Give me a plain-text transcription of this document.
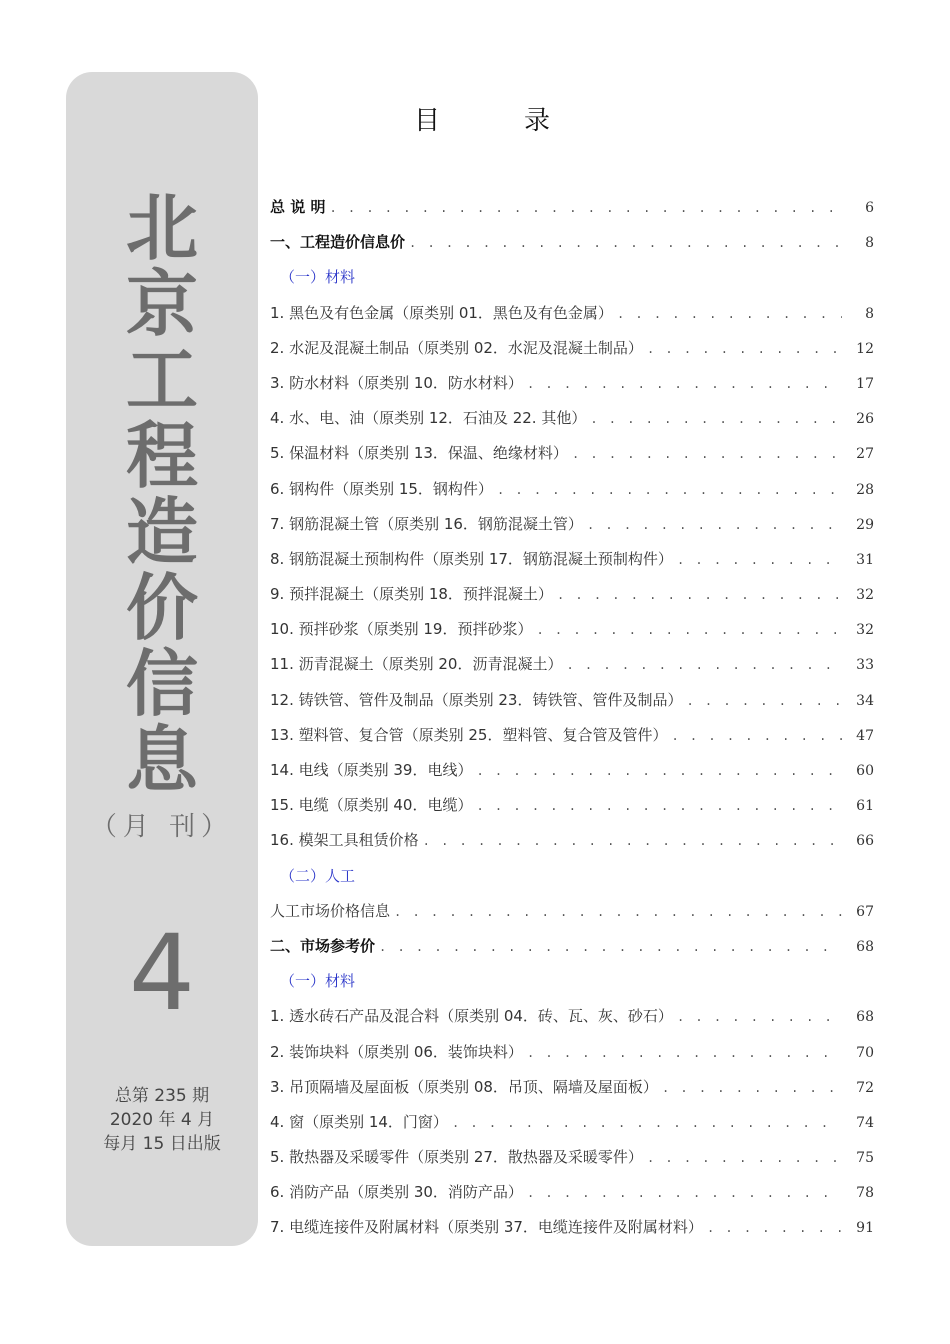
北
京
工
程
造
价
信
息
（月 刊）
4
总第 235 期
2020 年 4 月
每月 15 日出版
目	录
总 说 明 . . .	6
一、工程造价信息价 . . .	8
（一）材料
1. 黑色及有色金属（原类别 01．黑色及有色金属） . . .	8
2. 水泥及混凝土制品（原类别 02．水泥及混凝土制品） . . .	12
3. 防水材料（原类别 10．防水材料） . . .	17
4. 水、电、油（原类别 12．石油及 22. 其他） . . .	26
5. 保温材料（原类别 13．保温、绝缘材料） . . .	27
6. 钢构件（原类别 15．钢构件） . . .	28
7. 钢筋混凝土管（原类别 16．钢筋混凝土管） . . .	29
8. 钢筋混凝土预制构件（原类别 17．钢筋混凝土预制构件） . . .	31
9. 预拌混凝土（原类别 18．预拌混凝土） . . .	32
10. 预拌砂浆（原类别 19．预拌砂浆） . . .	32
11. 沥青混凝土（原类别 20．沥青混凝土） . . .	33
12. 铸铁管、管件及制品（原类别 23．铸铁管、管件及制品） . . .	34
13. 塑料管、复合管（原类别 25．塑料管、复合管及管件） . . .	47
14. 电线（原类别 39．电线） . . .	60
15. 电缆（原类别 40．电缆） . . .	61
16. 模架工具租赁价格 . . .	66
（二）人工
人工市场价格信息 . . .	67
二、市场参考价 . . .	68
（一）材料
1. 透水砖石产品及混合料（原类别 04．砖、瓦、灰、砂石） . . .	68
2. 装饰块料（原类别 06．装饰块料） . . .	70
3. 吊顶隔墙及屋面板（原类别 08．吊顶、隔墙及屋面板） . . .	72
4. 窗（原类别 14．门窗） . . .	74
5. 散热器及采暖零件（原类别 27．散热器及采暖零件） . . .	75
6. 消防产品（原类别 30．消防产品） . . .	78
7. 电缆连接件及附属材料（原类别 37．电缆连接件及附属材料） . . .	91
